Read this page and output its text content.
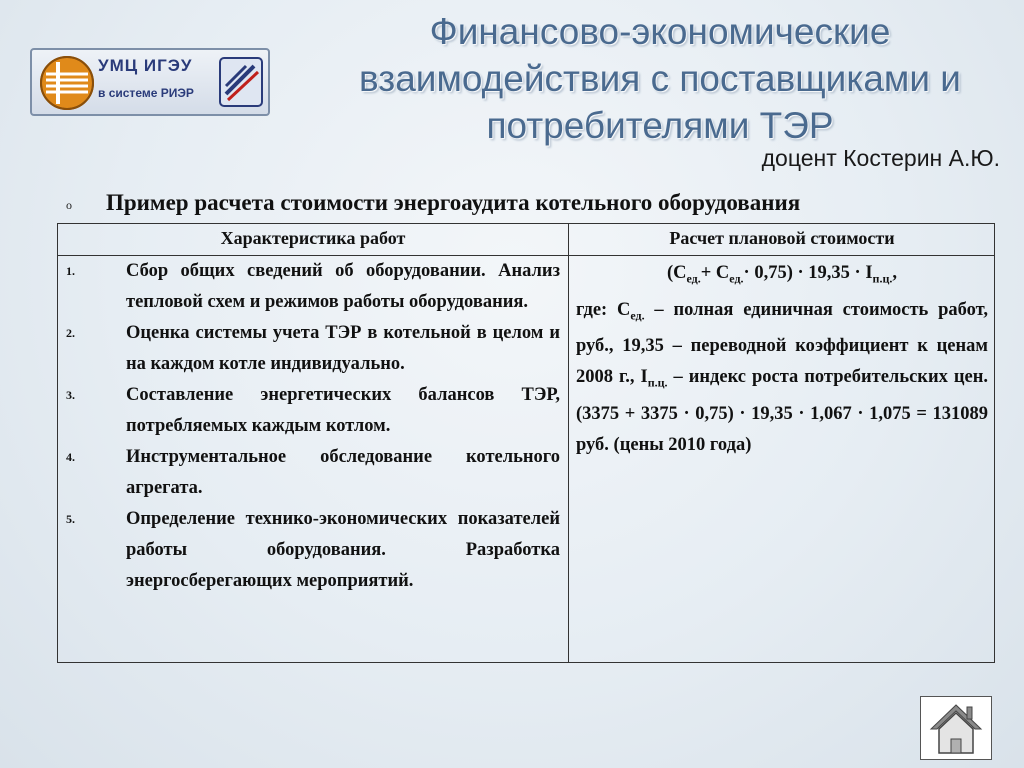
УМЦ ИГЭУ
в системе РИЭР
Финансово-экономические взаимодействия с поставщиками и потребителями ТЭР
доцент Костерин А.Ю.
o Пример расчета стоимости энергоаудита котельного оборудования
Характеристика работ	Расчет плановой стоимости
1.	Сбор общих сведений об оборудовании. Анализ тепловой схем и режимов работы оборудования.
2.	Оценка системы учета ТЭР в котельной в целом и на каждом котле индивидуально.
3.	Составление энергетических балансов ТЭР, потребляемых каждым котлом.
4.	Инструментальное обследование котельного агрегата.
5.	Определение технико-экономических показателей работы оборудования. Разработка энергосберегающих мероприятий.
$(С_{ед.}+ С_{ед.}\cdot 0,75) \cdot 19,35 \cdot I_{п.ц.}$,
где: $С_{ед.}$ – полная единичная стоимость работ, руб., 19,35 – переводной коэффициент к ценам 2008 г., $I_{п.ц.}$ – индекс роста потребительских цен. (3375 + 3375 · 0,75) · 19,35 · 1,067 · 1,075 = 131089 руб. (цены 2010 года)
